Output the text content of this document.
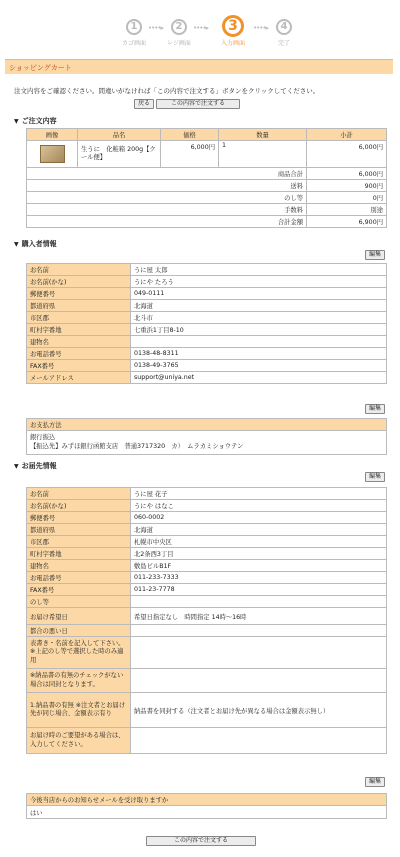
1
カゴ画面
••••▸	2
レジ画面
••••▸	3
入力画面
••••▸	4
完了
ショッピングカート
注文内容をご確認ください。間違いがなければ「この内容で注文する」ボタンをクリックしてください。
戻る	この内容で注文する
▼ ご注文内容
画像	品名	価格	数量	小計
	生うに　化粧箱 200g【クール便】	6,000円	1	6,000円
商品合計				6,000円
送料				900円
のし等				0円
手数料				別途
合計金額				6,900円
▼ 購入者情報
編集
お名前	うに屋 太郎
お名前(かな)	うにや たろう
郵便番号	049-0111
都道府県	北海道
市区郡	北斗市
町村字番地	七重浜1丁目8-10
建物名	
お電話番号	0138-48-8311
FAX番号	0138-49-3765
メールアドレス	support@uniya.net
編集
お支払方法

銀行振込
【振込先】みずほ銀行函館支店　普通3717320　カ）　ムラカミショウテン
▼ お届先情報
編集
お名前	うに屋 花子
お名前(かな)	うにや はなこ
郵便番号	060-0002
都道府県	北海道
市区郡	札幌市中央区
町村字番地	北2条西3丁目
建物名	敷島ビルB1F
お電話番号	011-233-7333
FAX番号	011-23-7778
のし等	
お届け希望日	希望日指定なし　時間指定 14時〜16時
都合の悪い日	
表書き・名前を記入して下さい。※上記のし等で選択した時のみ適用	
※納品書の有無のチェックがない場合は同封となります。	
1.納品書の有無 ※注文者とお届け先が同じ場合、金額表示有り	納品書を同封する（注文者とお届け先が異なる場合は金額表示無し）
お届け時のご要望がある場合は、入力してください。	
編集
今後当店からのお知らせメールを受け取りますか
はい
この内容で注文する
